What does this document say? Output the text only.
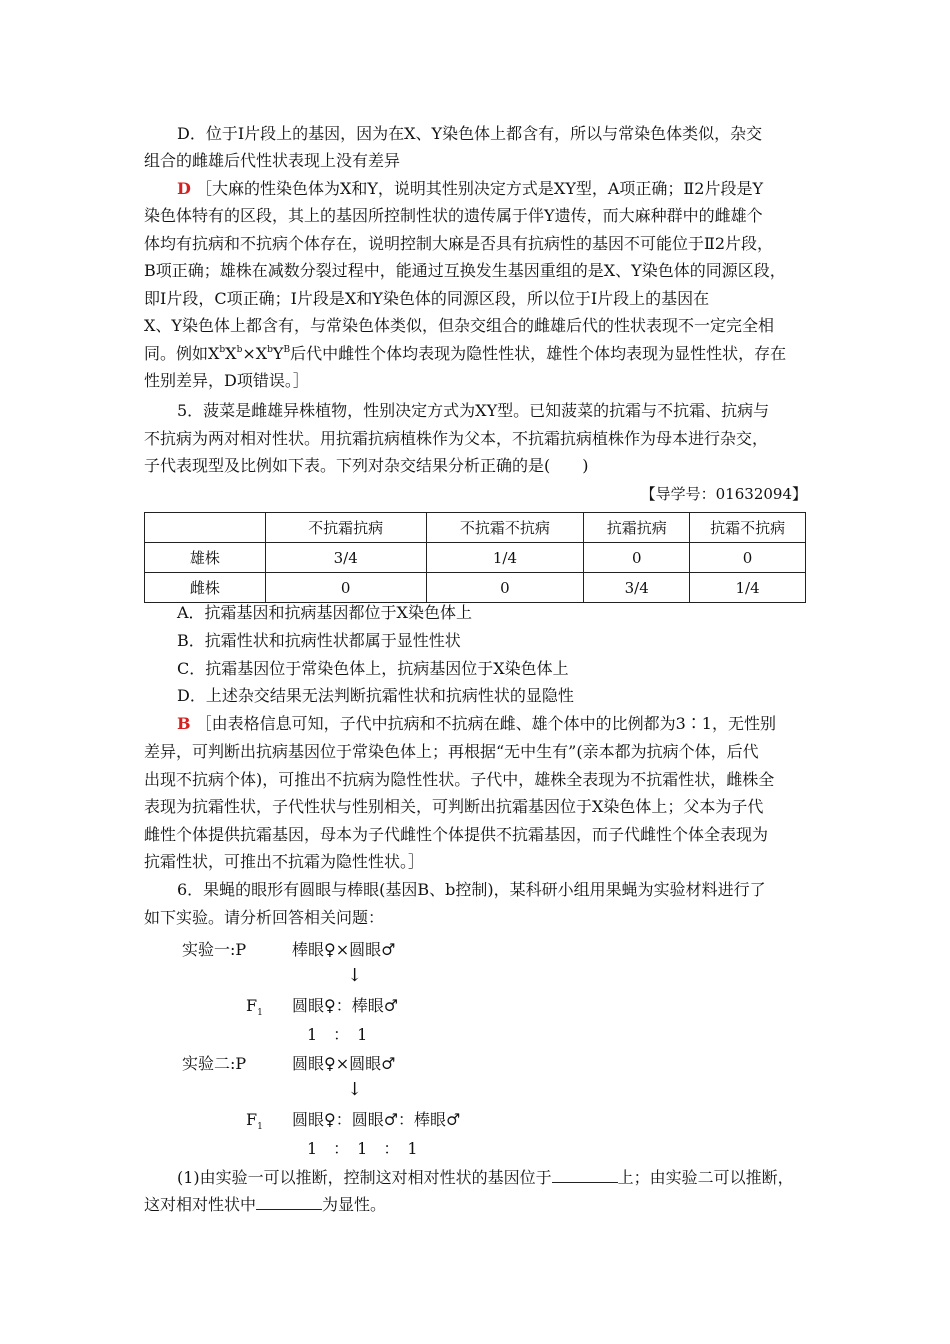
D．位于Ⅰ片段上的基因，因为在X、Y染色体上都含有，所以与常染色体类似，杂交
组合的雌雄后代性状表现上没有差异
D ［大麻的性染色体为X和Y，说明其性别决定方式是XY型，A项正确；Ⅱ2片段是Y
染色体特有的区段，其上的基因所控制性状的遗传属于伴Y遗传，而大麻种群中的雌雄个
体均有抗病和不抗病个体存在，说明控制大麻是否具有抗病性的基因不可能位于Ⅱ2片段，
B项正确；雄株在减数分裂过程中，能通过互换发生基因重组的是X、Y染色体的同源区段，
即Ⅰ片段，C项正确；Ⅰ片段是X和Y染色体的同源区段，所以位于Ⅰ片段上的基因在
X、Y染色体上都含有，与常染色体类似，但杂交组合的雌雄后代的性状表现不一定完全相
同。例如$X^bX^b\times X^bY^B$后代中雌性个体均表现为隐性性状，雄性个体均表现为显性性状，存在
性别差异，D项错误。］
5．菠菜是雌雄异株植物，性别决定方式为XY型。已知菠菜的抗霜与不抗霜、抗病与
不抗病为两对相对性状。用抗霜抗病植株作为父本，不抗霜抗病植株作为母本进行杂交，
子代表现型及比例如下表。下列对杂交结果分析正确的是(　　)
【导学号：01632094】
	不抗霜抗病	不抗霜不抗病	抗霜抗病	抗霜不抗病
雄株	3/4	1/4	0	0
雌株	0	0	3/4	1/4
A．抗霜基因和抗病基因都位于X染色体上
B．抗霜性状和抗病性状都属于显性性状
C．抗霜基因位于常染色体上，抗病基因位于X染色体上
D．上述杂交结果无法判断抗霜性状和抗病性状的显隐性
B ［由表格信息可知，子代中抗病和不抗病在雌、雄个体中的比例都为3∶1，无性别
差异，可判断出抗病基因位于常染色体上；再根据“无中生有”(亲本都为抗病个体，后代
出现不抗病个体)，可推出不抗病为隐性性状。子代中，雄株全表现为不抗霜性状，雌株全
表现为抗霜性状，子代性状与性别相关，可判断出抗霜基因位于X染色体上；父本为子代
雌性个体提供抗霜基因，母本为子代雌性个体提供不抗霜基因，而子代雌性个体全表现为
抗霜性状，可推出不抗霜为隐性性状。］
6．果蝇的眼形有圆眼与棒眼(基因B、b控制)，某科研小组用果蝇为实验材料进行了
如下实验。请分析回答相关问题：
实验一:P	棒眼♀×圆眼♂
↓
$F_1$ 圆眼♀：棒眼♂
1　：　1
实验二:P	圆眼♀×圆眼♂
↓
$F_1$ 圆眼♀：圆眼♂：棒眼♂
1　：　1　：　1
(1)由实验一可以推断，控制这对相对性状的基因位于	上；由实验二可以推断，
这对相对性状中	为显性。
